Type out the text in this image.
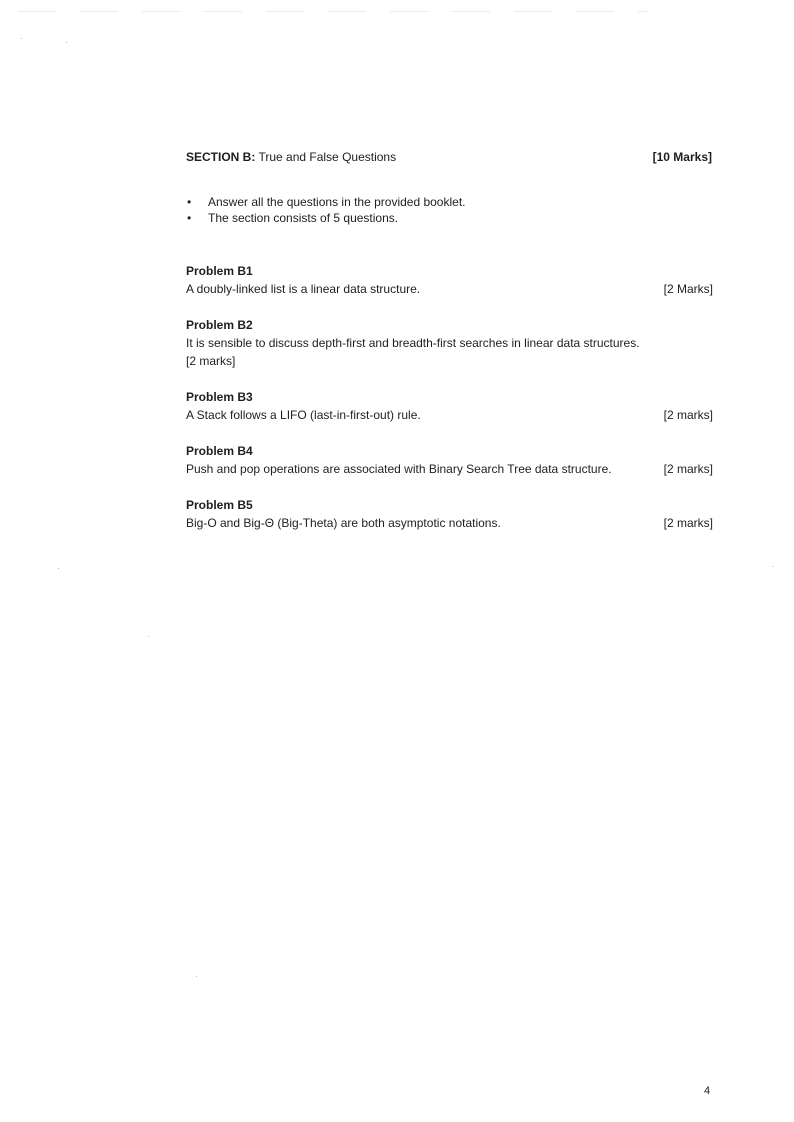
SECTION B: True and False Questions	[10 Marks]
• Answer all the questions in the provided booklet.
• The section consists of 5 questions.
Problem B1
A doubly-linked list is a linear data structure.	[2 Marks]
Problem B2
It is sensible to discuss depth-first and breadth-first searches in linear data structures.
[2 marks]
Problem B3
A Stack follows a LIFO (last-in-first-out) rule.	[2 marks]
Problem B4
Push and pop operations are associated with Binary Search Tree data structure.	[2 marks]
Problem B5
Big-O and Big-Θ (Big-Theta) are both asymptotic notations.	[2 marks]
4
